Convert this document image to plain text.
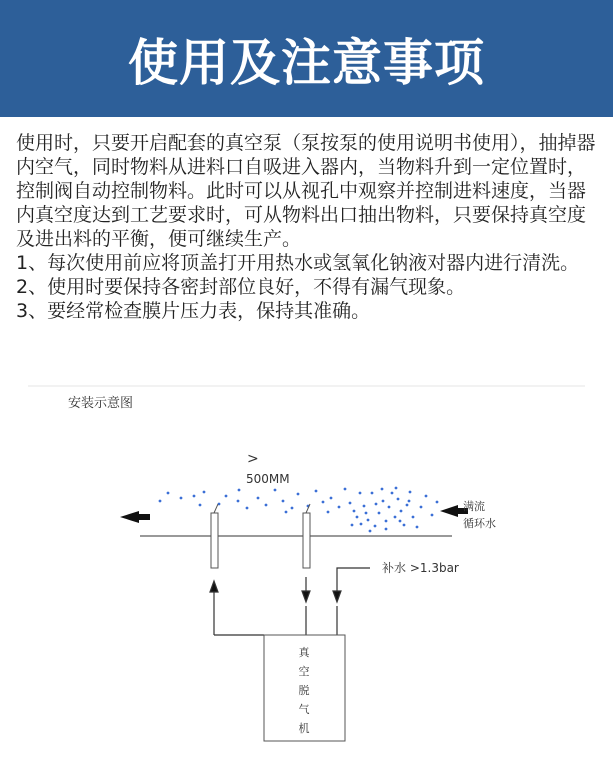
使用及注意事项

使用时，只要开启配套的真空泵（泵按泵的使用说明书使用），抽掉器内空气，同时物料从进料口自吸进入器内，当物料升到一定位置时，控制阀自动控制物料。此时可以从视孔中观察并控制进料速度，当器内真空度达到工艺要求时，可从物料出口抽出物料，只要保持真空度及进出料的平衡，便可继续生产。

1、每次使用前应将顶盖打开用热水或氢氧化钠液对器内进行清洗。

2、使用时要保持各密封部位良好，不得有漏气现象。

3、要经常检查膜片压力表，保持其准确。

安装示意图
>
500MM
满流
循环水
补水 >1.3bar
真
空
脱
气
机
